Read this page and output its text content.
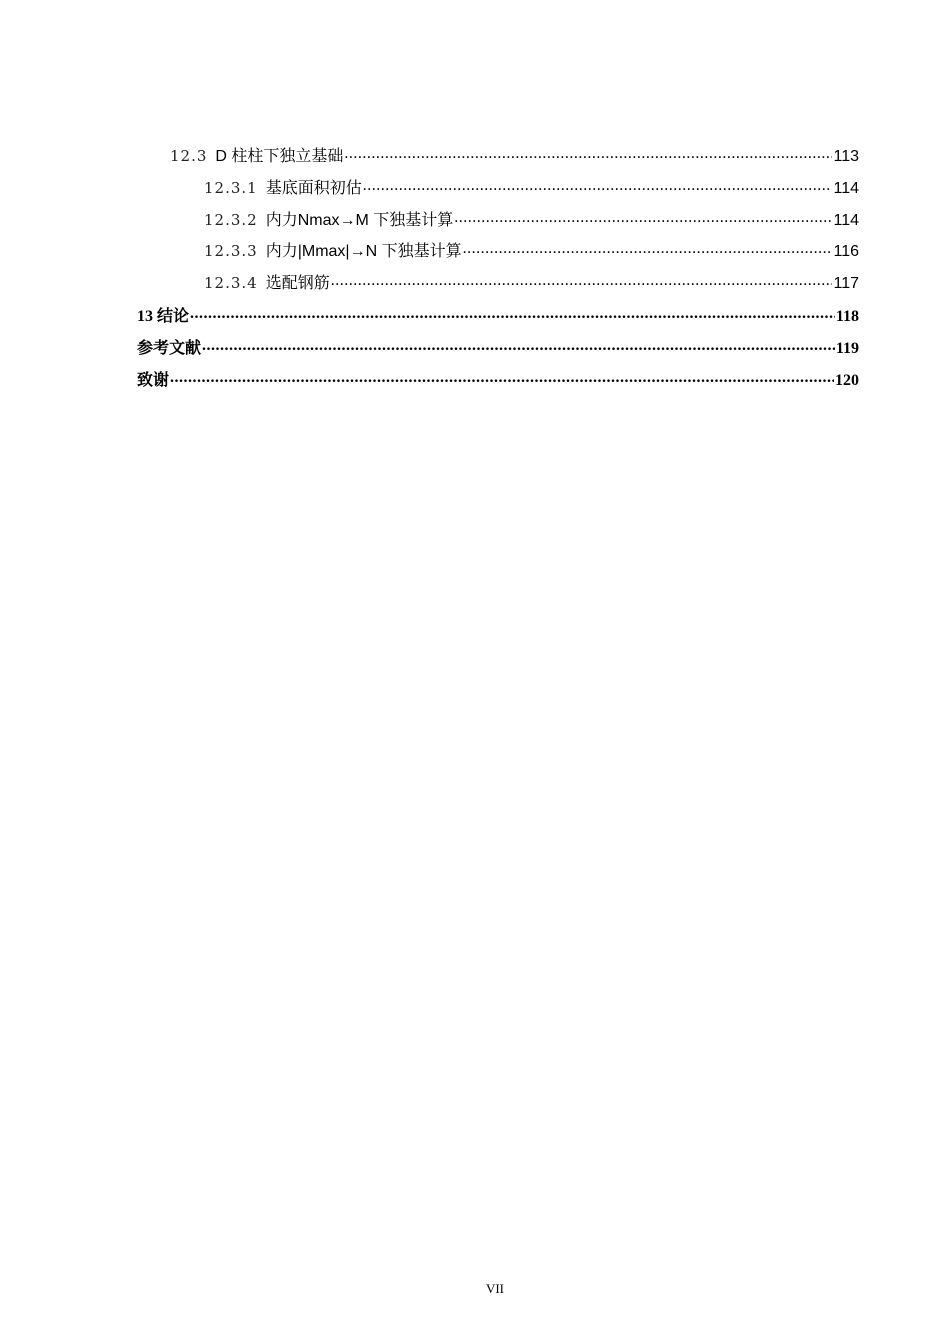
12.3 D 柱柱下独立基础 .....	113
12.3.1 基底面积初估 .....	114
12.3.2 内力Nmax→M 下独基计算 .....	114
12.3.3 内力|Mmax|→N 下独基计算 .....	116
12.3.4 选配钢筋 .....	117
13 结论 .....	118
参考文献 .....	119
致谢 .....	120
VII
